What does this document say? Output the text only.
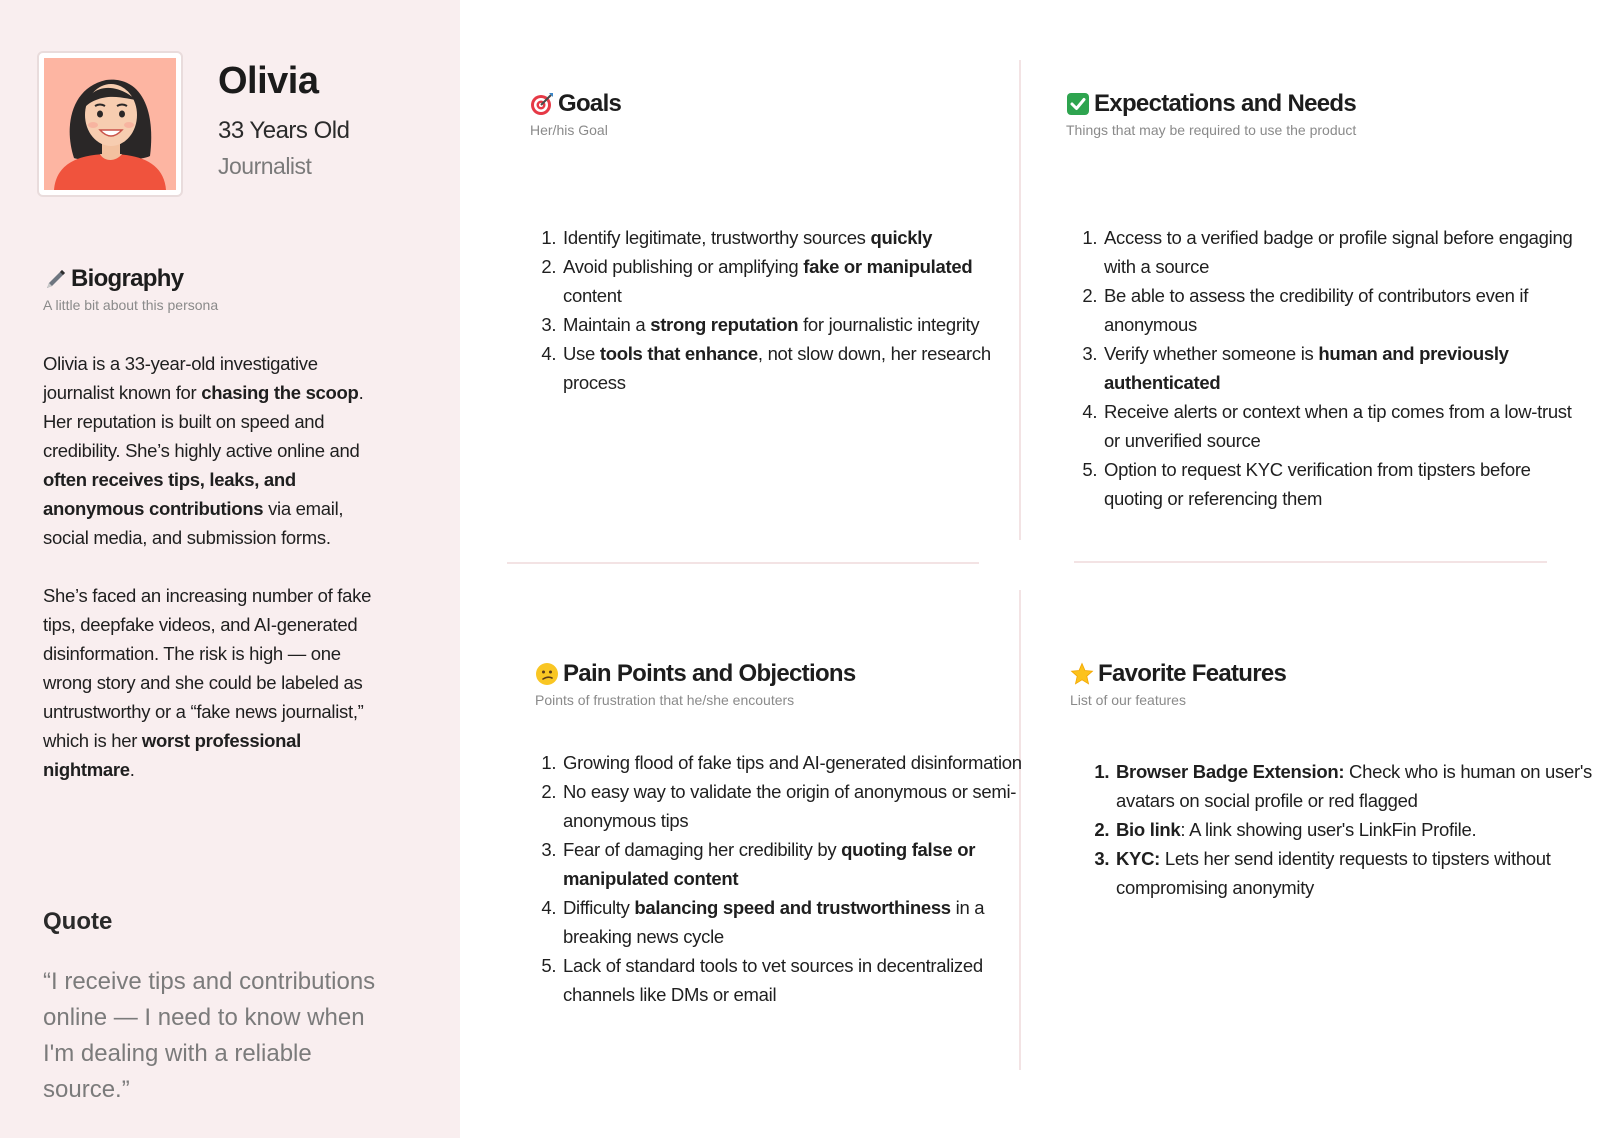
Olivia
33 Years Old
Journalist
Biography
A little bit about this persona

Olivia is a 33-year-old investigative journalist known for chasing the scoop. Her reputation is built on speed and credibility. She’s highly active online and often receives tips, leaks, and anonymous contributions via email, social media, and submission forms.

She’s faced an increasing number of fake tips, deepfake videos, and AI-generated disinformation. The risk is high — one wrong story and she could be labeled as untrustworthy or a “fake news journalist,” which is her worst professional nightmare.

Quote
“I receive tips and contributions online — I need to know when I'm dealing with a reliable source.”
Goals
Her/his Goal
1. Identify legitimate, trustworthy sources quickly
2. Avoid publishing or amplifying fake or manipulated content
3. Maintain a strong reputation for journalistic integrity
4. Use tools that enhance, not slow down, her research process
Expectations and Needs
Things that may be required to use the product
1. Access to a verified badge or profile signal before engaging with a source
2. Be able to assess the credibility of contributors even if anonymous
3. Verify whether someone is human and previously authenticated
4. Receive alerts or context when a tip comes from a low-trust or unverified source
5. Option to request KYC verification from tipsters before quoting or referencing them
Pain Points and Objections
Points of frustration that he/she encouters
1. Growing flood of fake tips and AI-generated disinformation
2. No easy way to validate the origin of anonymous or semi-anonymous tips
3. Fear of damaging her credibility by quoting false or manipulated content
4. Difficulty balancing speed and trustworthiness in a breaking news cycle
5. Lack of standard tools to vet sources in decentralized channels like DMs or email
Favorite Features
List of our features
1. Browser Badge Extension: Check who is human on user's avatars on social profile or red flagged
2. Bio link: A link showing user's LinkFin Profile.
3. KYC: Lets her send identity requests to tipsters without compromising anonymity
